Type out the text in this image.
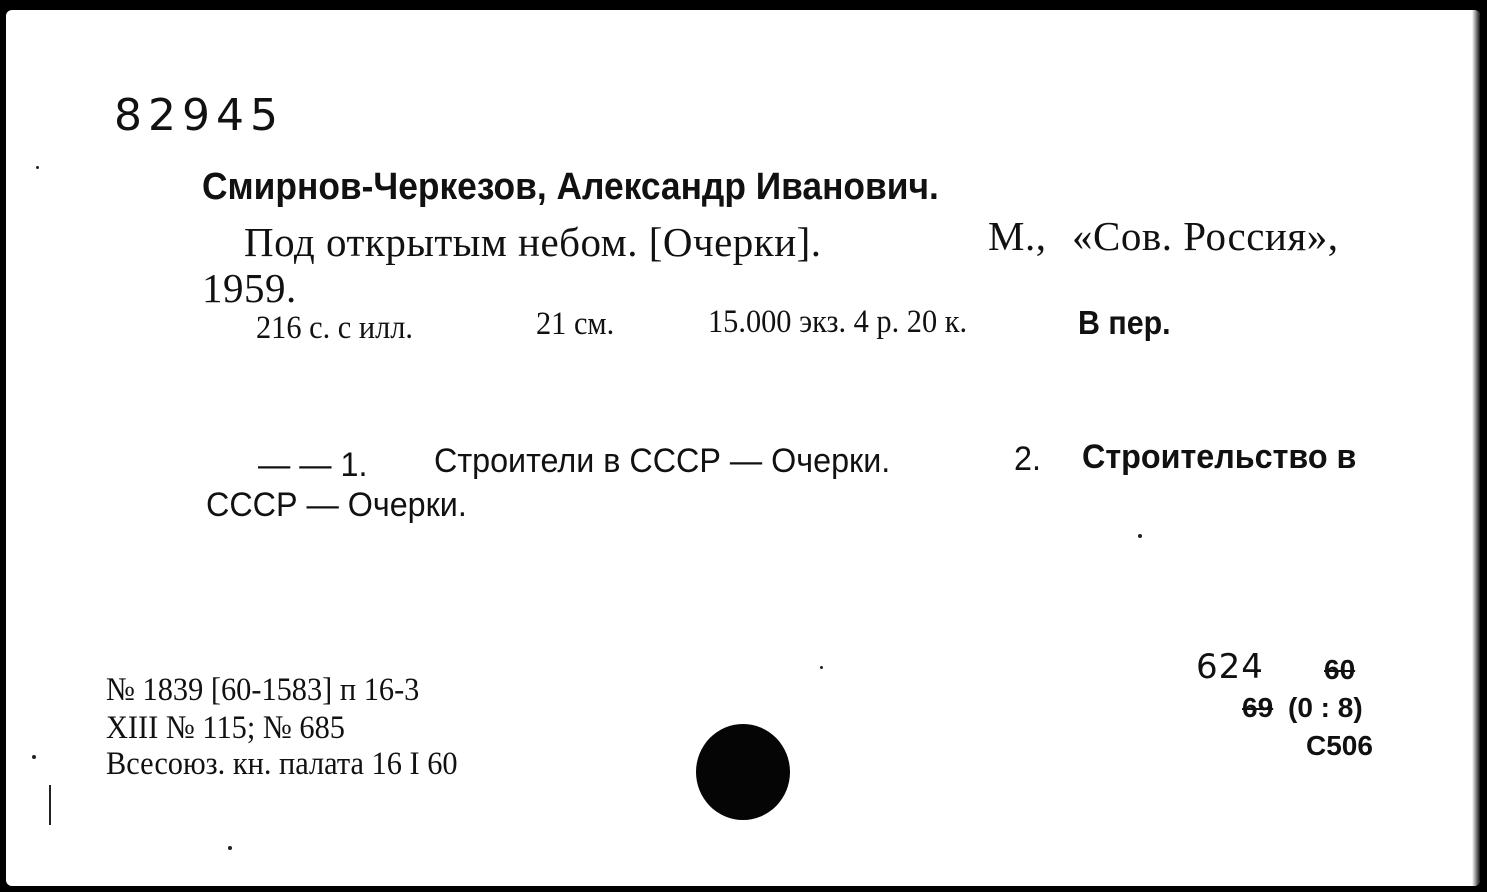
82945
Смирнов-Черкезов, Александр Иванович.
Под открытым небом. [Очерки].	М., «Сов. Россия»,
1959.
216 с. с илл.	21 см.	15.000 экз. 4 р. 20 к.	В пер.
— — 1. Строители в СССР — Очерки.	2. Строительство в
СССР — Очерки.
№ 1839 [60-1583] п 16-3
XIII № 115; № 685
Всесоюз. кн. палата 16 I 60
624 60
69 (0 : 8)
С506
